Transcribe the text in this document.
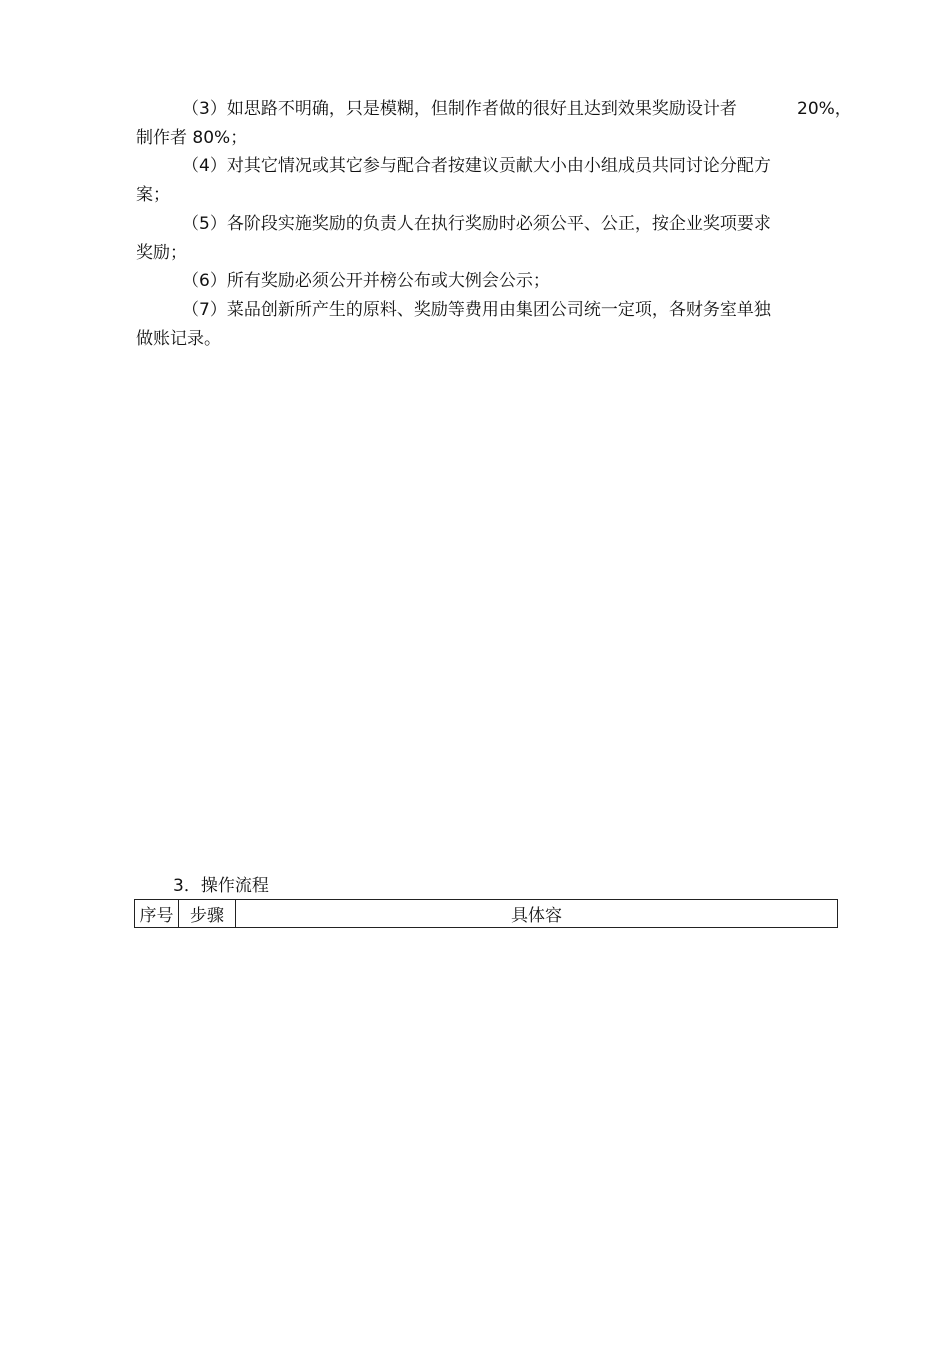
（3）如思路不明确，只是模糊，但制作者做的很好且达到效果奖励设计者	20%，
制作者 80%；
（4）对其它情况或其它参与配合者按建议贡献大小由小组成员共同讨论分配方
案；
（5）各阶段实施奖励的负责人在执行奖励时必须公平、公正，按企业奖项要求
奖励；
（6）所有奖励必须公开并榜公布或大例会公示；
（7）菜品创新所产生的原料、奖励等费用由集团公司统一定项，各财务室单独
做账记录。
3．操作流程
序号	步骤	具体容
